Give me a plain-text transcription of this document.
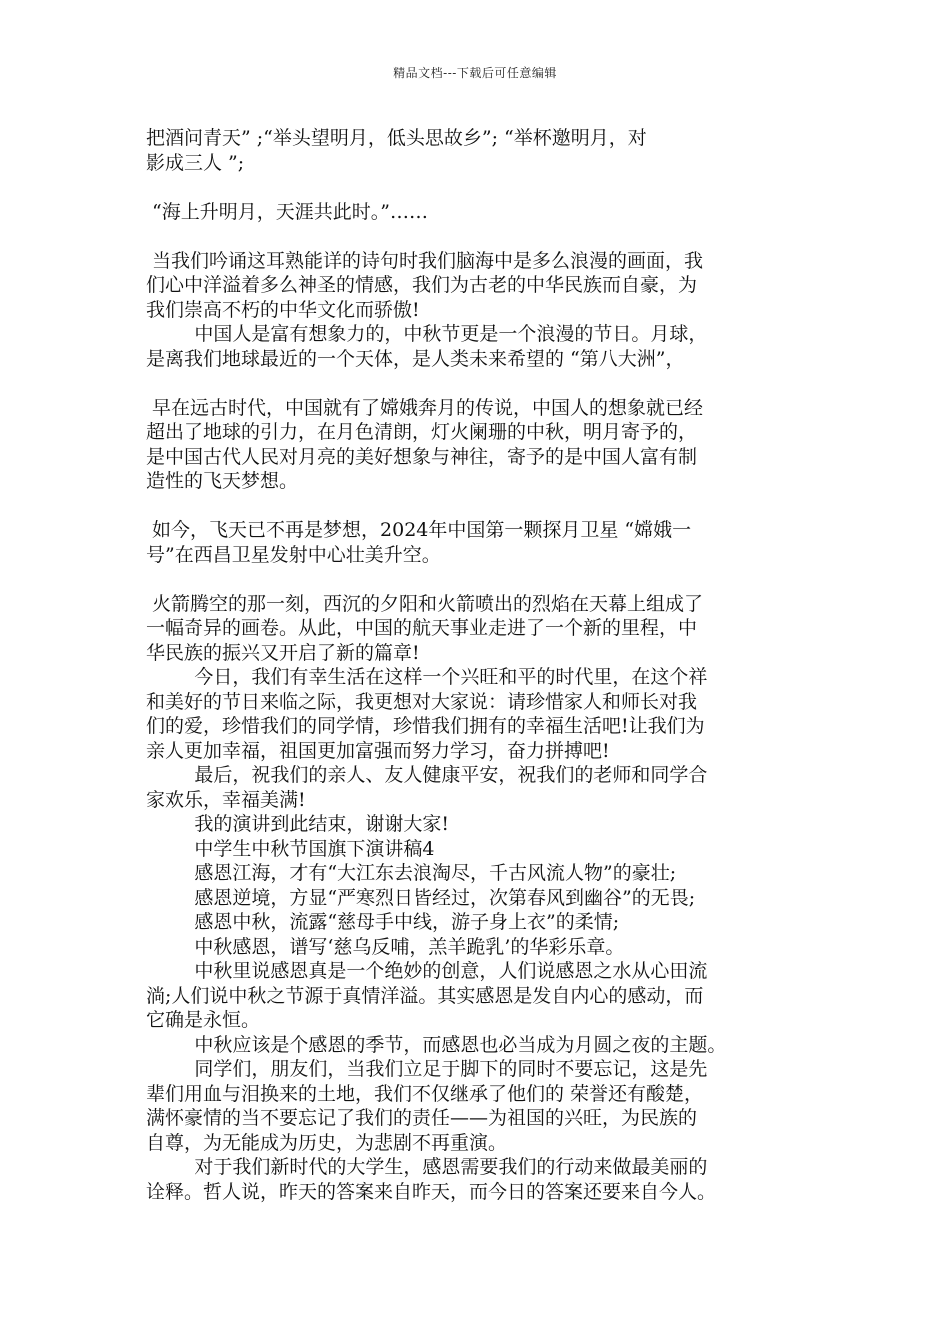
精品文档---下载后可任意编辑
把酒问青天” ;“举头望明月，低头思故乡”; “举杯邀明月，对
影成三人 ”;
“海上升明月，天涯共此时。”……
当我们吟诵这耳熟能详的诗句时我们脑海中是多么浪漫的画面，我
们心中洋溢着多么神圣的情感，我们为古老的中华民族而自豪，为
我们崇高不朽的中华文化而骄傲!
中国人是富有想象力的，中秋节更是一个浪漫的节日。月球，
是离我们地球最近的一个天体，是人类未来希望的 “第八大洲”，
早在远古时代，中国就有了嫦娥奔月的传说，中国人的想象就已经
超出了地球的引力，在月色清朗，灯火阑珊的中秋，明月寄予的，
是中国古代人民对月亮的美好想象与神往，寄予的是中国人富有制
造性的飞天梦想。
如今，飞天已不再是梦想，2024年中国第一颗探月卫星 “嫦娥一
号”在西昌卫星发射中心壮美升空。
火箭腾空的那一刻，西沉的夕阳和火箭喷出的烈焰在天幕上组成了
一幅奇异的画卷。从此，中国的航天事业走进了一个新的里程，中
华民族的振兴又开启了新的篇章!
今日，我们有幸生活在这样一个兴旺和平的时代里，在这个祥
和美好的节日来临之际，我更想对大家说：请珍惜家人和师长对我
们的爱，珍惜我们的同学情，珍惜我们拥有的幸福生活吧!让我们为
亲人更加幸福，祖国更加富强而努力学习，奋力拼搏吧!
最后，祝我们的亲人、友人健康平安，祝我们的老师和同学合
家欢乐，幸福美满!
我的演讲到此结束，谢谢大家!
中学生中秋节国旗下演讲稿4
感恩江海，才有“大江东去浪淘尽，千古风流人物”的豪壮;
感恩逆境，方显“严寒烈日皆经过，次第春风到幽谷”的无畏;
感恩中秋，流露“慈母手中线，游子身上衣”的柔情;
中秋感恩，谱写‘慈乌反哺，羔羊跪乳’的华彩乐章。
中秋里说感恩真是一个绝妙的创意，人们说感恩之水从心田流
淌;人们说中秋之节源于真情洋溢。其实感恩是发自内心的感动，而
它确是永恒。
中秋应该是个感恩的季节，而感恩也必当成为月圆之夜的主题。
同学们，朋友们，当我们立足于脚下的同时不要忘记，这是先
辈们用血与泪换来的土地，我们不仅继承了他们的 荣誉还有酸楚，
满怀豪情的当不要忘记了我们的责任——为祖国的兴旺，为民族的
自尊，为无能成为历史，为悲剧不再重演。
对于我们新时代的大学生，感恩需要我们的行动来做最美丽的
诠释。哲人说，昨天的答案来自昨天，而今日的答案还要来自今人。
